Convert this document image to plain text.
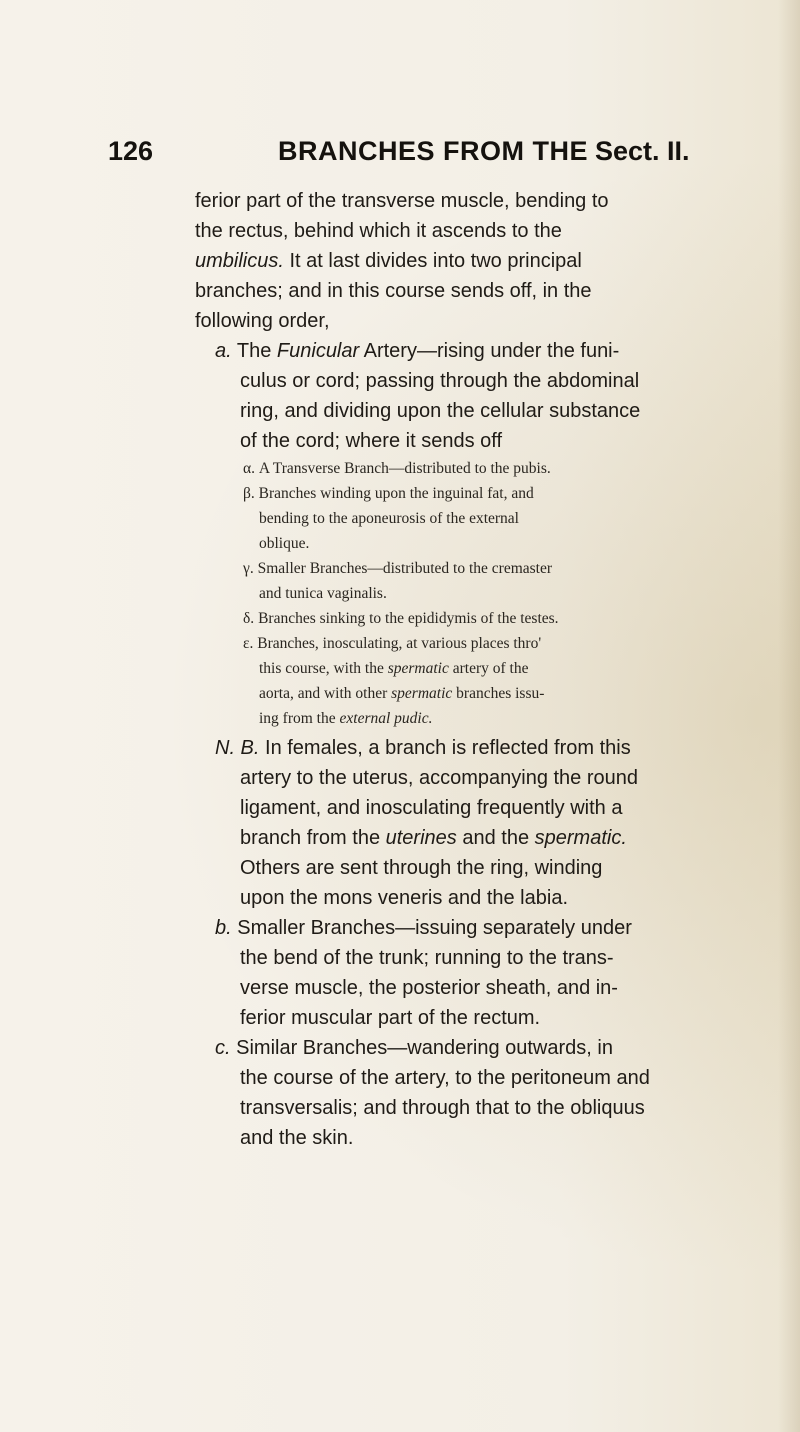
126	BRANCHES FROM THE Sect. II.
ferior part of the transverse muscle, bending to
the rectus, behind which it ascends to the
umbilicus. It at last divides into two principal
branches; and in this course sends off, in the
following order,
a. The Funicular Artery—rising under the funi-
culus or cord; passing through the abdominal
ring, and dividing upon the cellular substance
of the cord; where it sends off
α. A Transverse Branch—distributed to the pubis.
β. Branches winding upon the inguinal fat, and
bending to the aponeurosis of the external
oblique.
γ. Smaller Branches—distributed to the cremaster
and tunica vaginalis.
δ. Branches sinking to the epididymis of the testes.
ε. Branches, inosculating, at various places thro'
this course, with the spermatic artery of the
aorta, and with other spermatic branches issu-
ing from the external pudic.
N. B. In females, a branch is reflected from this
artery to the uterus, accompanying the round
ligament, and inosculating frequently with a
branch from the uterines and the spermatic.
Others are sent through the ring, winding
upon the mons veneris and the labia.
b. Smaller Branches—issuing separately under
the bend of the trunk; running to the trans-
verse muscle, the posterior sheath, and in-
ferior muscular part of the rectum.
c. Similar Branches—wandering outwards, in
the course of the artery, to the peritoneum and
transversalis; and through that to the obliquus
and the skin.
